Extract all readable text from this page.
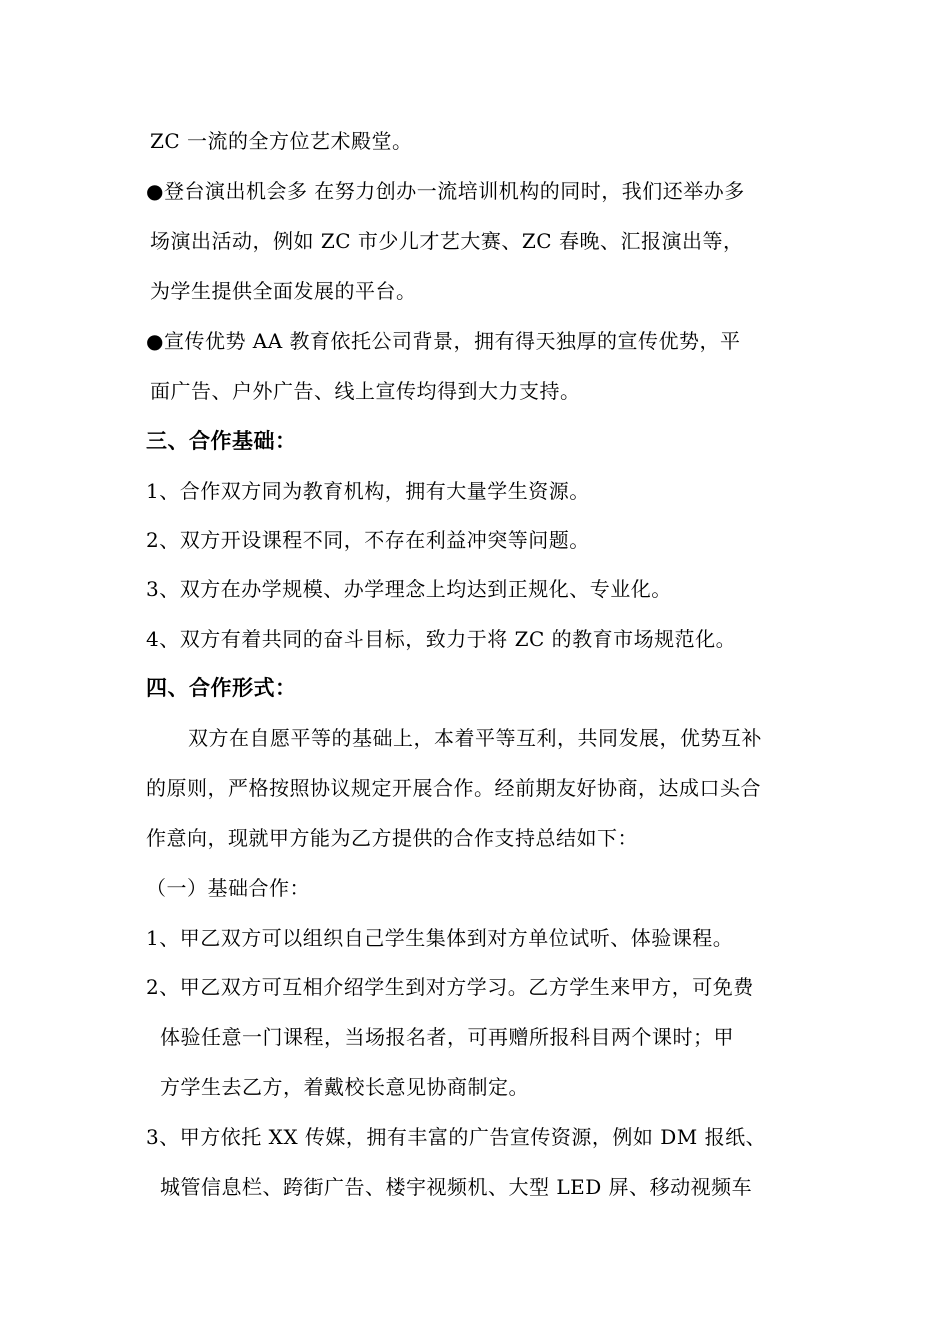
ZC 一流的全方位艺术殿堂。
●登台演出机会多 在努力创办一流培训机构的同时，我们还举办多
场演出活动，例如 ZC 市少儿才艺大赛、ZC 春晚、汇报演出等，
为学生提供全面发展的平台。
●宣传优势 AA 教育依托公司背景，拥有得天独厚的宣传优势，平
面广告、户外广告、线上宣传均得到大力支持。
三、合作基础：
1、合作双方同为教育机构，拥有大量学生资源。
2、双方开设课程不同，不存在利益冲突等问题。
3、双方在办学规模、办学理念上均达到正规化、专业化。
4、双方有着共同的奋斗目标，致力于将 ZC 的教育市场规范化。
四、合作形式：
双方在自愿平等的基础上，本着平等互利，共同发展，优势互补
的原则，严格按照协议规定开展合作。经前期友好协商，达成口头合
作意向，现就甲方能为乙方提供的合作支持总结如下：
（一）基础合作：
1、甲乙双方可以组织自己学生集体到对方单位试听、体验课程。
2、甲乙双方可互相介绍学生到对方学习。乙方学生来甲方，可免费
体验任意一门课程，当场报名者，可再赠所报科目两个课时；甲
方学生去乙方，着戴校长意见协商制定。
3、甲方依托 XX 传媒，拥有丰富的广告宣传资源，例如 DM 报纸、
城管信息栏、跨街广告、楼宇视频机、大型 LED 屏、移动视频车
